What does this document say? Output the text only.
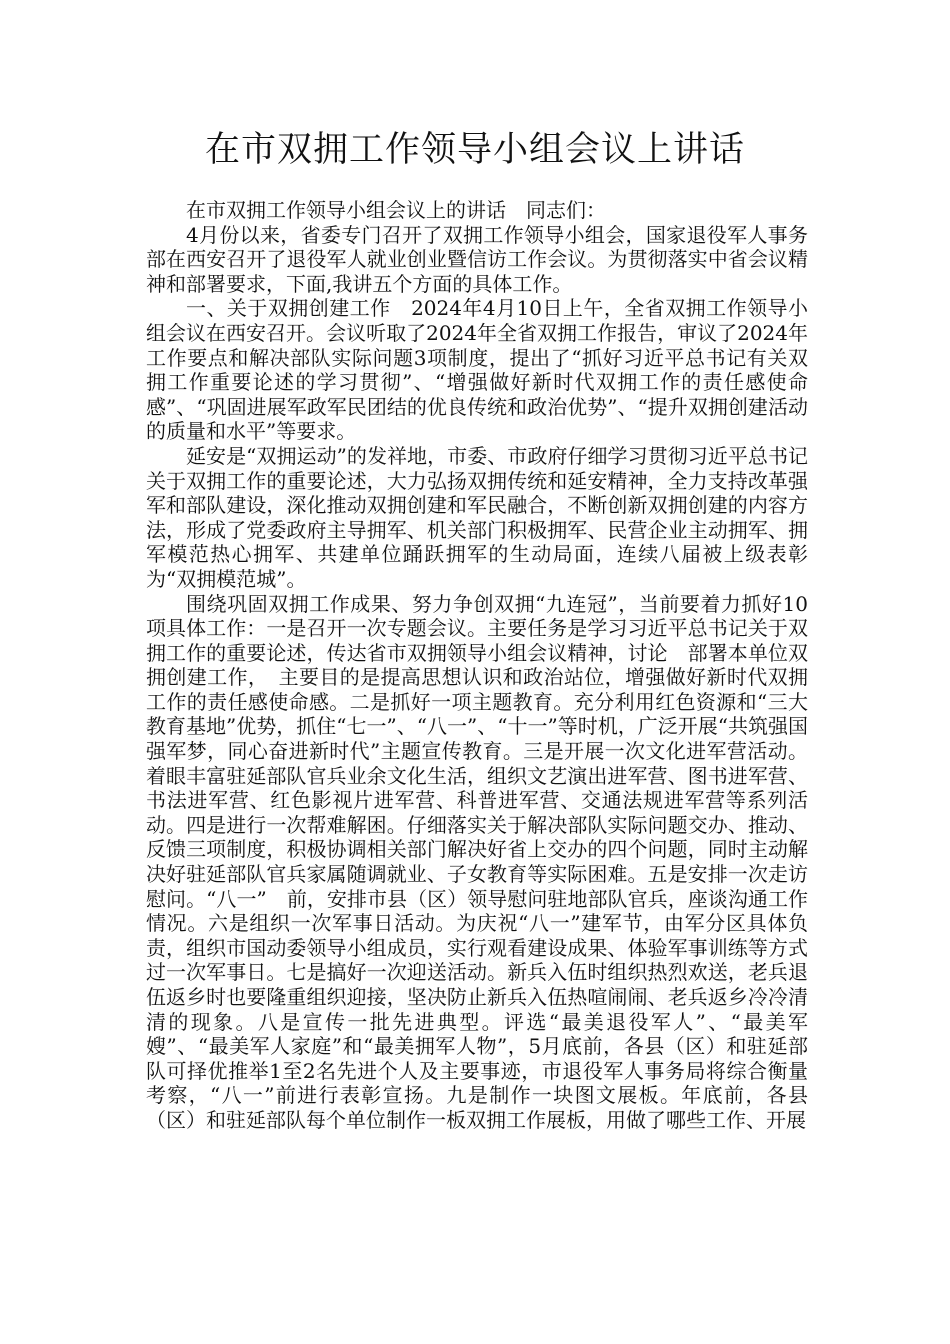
在市双拥工作领导小组会议上讲话

在市双拥工作领导小组会议上的讲话　同志们：

4月份以来，省委专门召开了双拥工作领导小组会，国家退役军人事务部在西安召开了退役军人就业创业暨信访工作会议。为贯彻落实中省会议精神和部署要求，下面,我讲五个方面的具体工作。

一、关于双拥创建工作　2024年4月10日上午，全省双拥工作领导小组会议在西安召开。会议听取了2024年全省双拥工作报告，审议了2024年工作要点和解决部队实际问题3项制度，提出了“抓好习近平总书记有关双拥工作重要论述的学习贯彻”、“增强做好新时代双拥工作的责任感使命感”、“巩固进展军政军民团结的优良传统和政治优势”、“提升双拥创建活动的质量和水平”等要求。

延安是“双拥运动”的发祥地，市委、市政府仔细学习贯彻习近平总书记关于双拥工作的重要论述，大力弘扬双拥传统和延安精神，全力支持改革强军和部队建设，深化推动双拥创建和军民融合，不断创新双拥创建的内容方法，形成了党委政府主导拥军、机关部门积极拥军、民营企业主动拥军、拥军模范热心拥军、共建单位踊跃拥军的生动局面，连续八届被上级表彰为“双拥模范城”。

围绕巩固双拥工作成果、努力争创双拥“九连冠”，当前要着力抓好10项具体工作：一是召开一次专题会议。主要任务是学习习近平总书记关于双拥工作的重要论述，传达省市双拥领导小组会议精神，讨论　部署本单位双拥创建工作，　主要目的是提高思想认识和政治站位，增强做好新时代双拥工作的责任感使命感。二是抓好一项主题教育。充分利用红色资源和“三大教育基地”优势，抓住“七一”、“八一”、“十一”等时机，广泛开展“共筑强国强军梦，同心奋进新时代”主题宣传教育。三是开展一次文化进军营活动。着眼丰富驻延部队官兵业余文化生活，组织文艺演出进军营、图书进军营、书法进军营、红色影视片进军营、科普进军营、交通法规进军营等系列活动。四是进行一次帮难解困。仔细落实关于解决部队实际问题交办、推动、反馈三项制度，积极协调相关部门解决好省上交办的四个问题，同时主动解决好驻延部队官兵家属随调就业、子女教育等实际困难。五是安排一次走访慰问。“八一”　前，安排市县（区）领导慰问驻地部队官兵，座谈沟通工作情况。六是组织一次军事日活动。为庆祝“八一”建军节，由军分区具体负责，组织市国动委领导小组成员，实行观看建设成果、体验军事训练等方式过一次军事日。七是搞好一次迎送活动。新兵入伍时组织热烈欢送，老兵退伍返乡时也要隆重组织迎接，坚决防止新兵入伍热喧闹闹、老兵返乡冷冷清清的现象。八是宣传一批先进典型。评选“最美退役军人”、“最美军嫂”、“最美军人家庭”和“最美拥军人物”，5月底前，各县（区）和驻延部队可择优推举1至2名先进个人及主要事迹，市退役军人事务局将综合衡量考察，“八一”前进行表彰宣扬。九是制作一块图文展板。年底前，各县（区）和驻延部队每个单位制作一板双拥工作展板，用做了哪些工作、开展
